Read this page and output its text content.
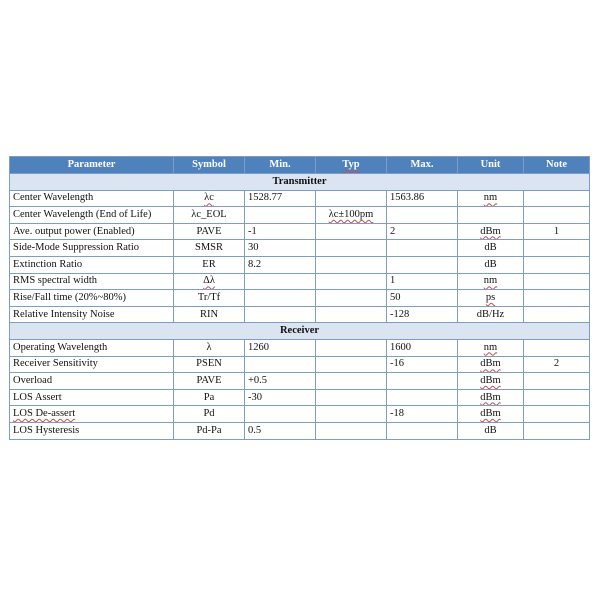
Parameter	Symbol	Min.	Typ	Max.	Unit	Note
Transmitter						
Center Wavelength	λc	1528.77		1563.86	nm	
Center Wavelength (End of Life)	λc_EOL		λc±100pm			
Ave. output power (Enabled)	PAVE	-1		2	dBm	1
Side-Mode Suppression Ratio	SMSR	30			dB	
Extinction Ratio	ER	8.2			dB	
RMS spectral width	Δλ			1	nm	
Rise/Fall time (20%~80%)	Tr/Tf			50	ps	
Relative Intensity Noise	RIN			-128	dB/Hz	
Receiver						
Operating Wavelength	λ	1260		1600	nm	
Receiver Sensitivity	PSEN			-16	dBm	2
Overload	PAVE	+0.5			dBm	
LOS Assert	Pa	-30			dBm	
LOS De-assert	Pd			-18	dBm	
LOS Hysteresis	Pd-Pa	0.5			dB	
